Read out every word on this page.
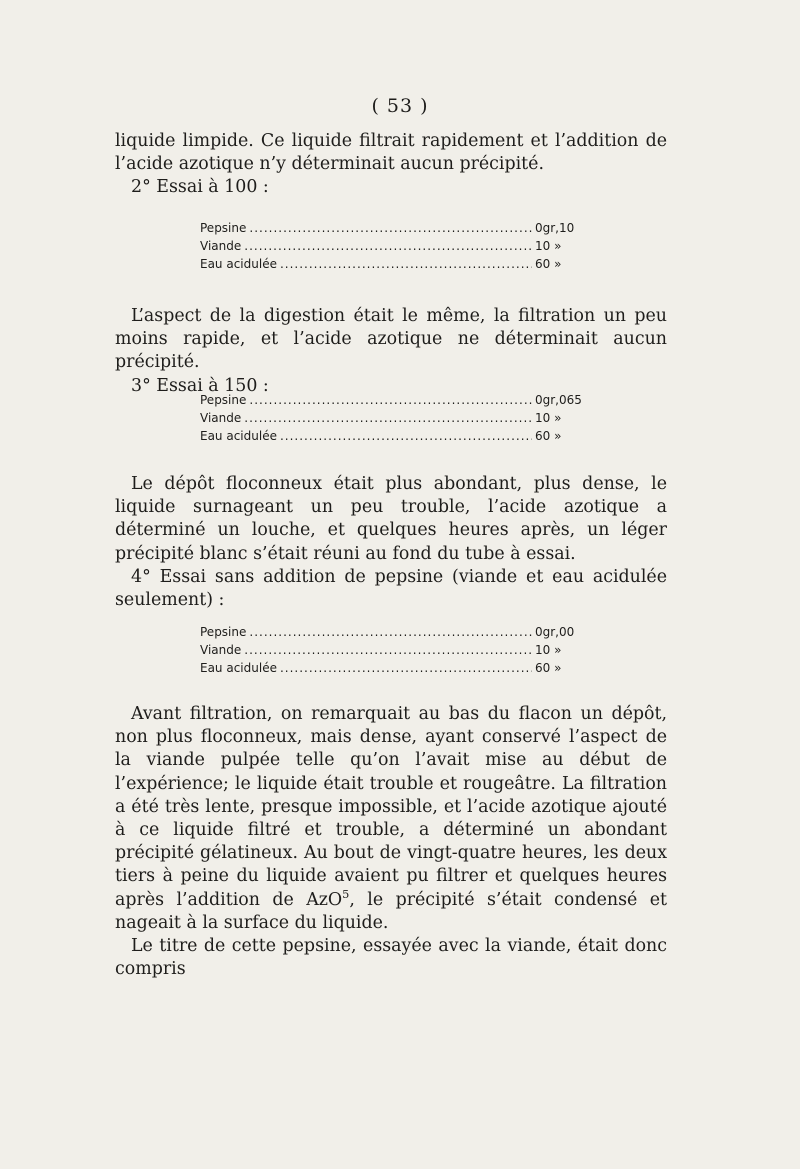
( 53 )

liquide limpide. Ce liquide filtrait rapidement et l’addition de l’acide azotique n’y déterminait aucun précipité.

2° Essai à 100 :

Pepsine .....	0gr,10
Viande .....	10 »
Eau acidulée .....	60 »

L’aspect de la digestion était le même, la filtration un peu moins rapide, et l’acide azotique ne déterminait aucun précipité.

3° Essai à 150 :

Pepsine .....	0gr,065
Viande .....	10 »
Eau acidulée .....	60 »

Le dépôt floconneux était plus abondant, plus dense, le liquide surnageant un peu trouble, l’acide azotique a déterminé un louche, et quelques heures après, un léger précipité blanc s’était réuni au fond du tube à essai.

4° Essai sans addition de pepsine (viande et eau acidulée seulement) :

Pepsine .....	0gr,00
Viande .....	10 »
Eau acidulée .....	60 »

Avant filtration, on remarquait au bas du flacon un dépôt, non plus floconneux, mais dense, ayant conservé l’aspect de la viande pulpée telle qu’on l’avait mise au début de l’expérience; le liquide était trouble et rougeâtre. La filtration a été très lente, presque impossible, et l’acide azotique ajouté à ce liquide filtré et trouble, a déterminé un abondant précipité gélatineux. Au bout de vingt-quatre heures, les deux tiers à peine du liquide avaient pu filtrer et quelques heures après l’addition de AzO$^5$, le précipité s’était condensé et nageait à la surface du liquide.

Le titre de cette pepsine, essayée avec la viande, était donc compris
